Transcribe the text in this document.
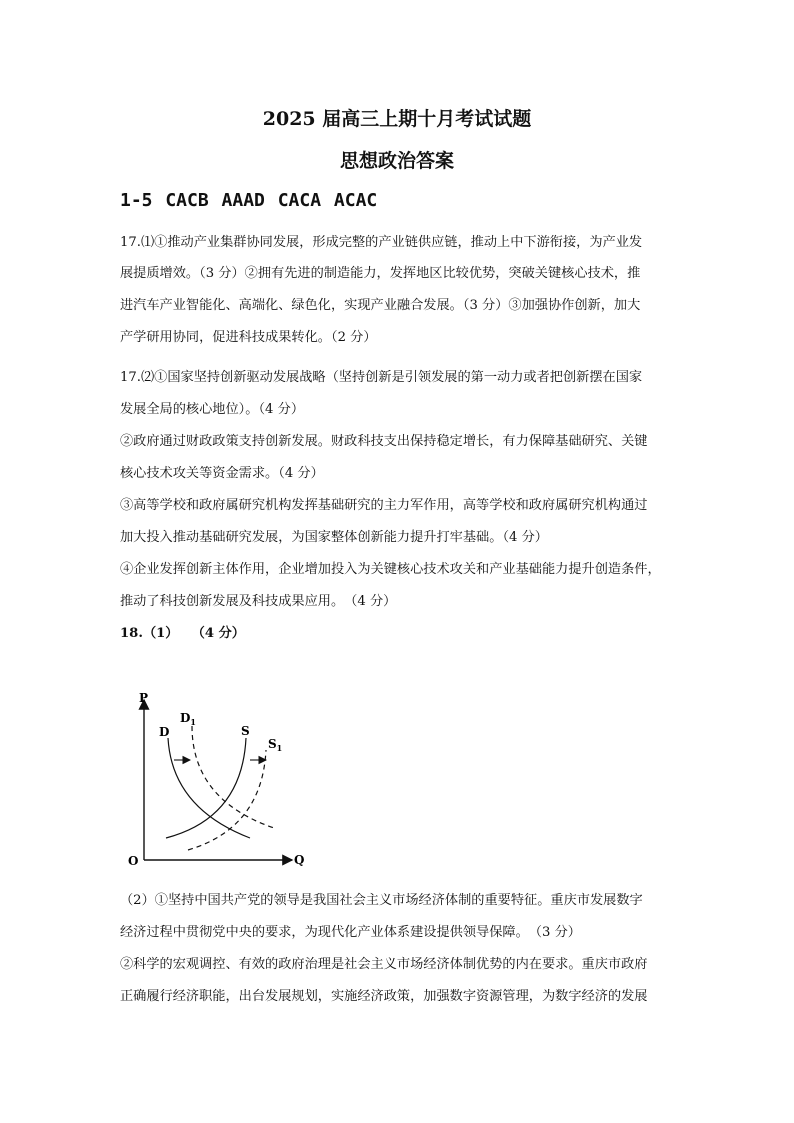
2025 届高三上期十月考试试题
思想政治答案
1-5 CACB AAAD CACA ACAC
17.⑴①推动产业集群协同发展，形成完整的产业链供应链，推动上中下游衔接，为产业发
展提质增效。（3 分）②拥有先进的制造能力，发挥地区比较优势，突破关键核心技术，推
进汽车产业智能化、高端化、绿色化，实现产业融合发展。（3 分）③加强协作创新，加大
产学研用协同，促进科技成果转化。（2 分）
17.⑵①国家坚持创新驱动发展战略（坚持创新是引领发展的第一动力或者把创新摆在国家
发展全局的核心地位）。（4 分）
②政府通过财政政策支持创新发展。财政科技支出保持稳定增长，有力保障基础研究、关键
核心技术攻关等资金需求。（4 分）
③高等学校和政府属研究机构发挥基础研究的主力军作用，高等学校和政府属研究机构通过
加大投入推动基础研究发展，为国家整体创新能力提升打牢基础。（4 分）
④企业发挥创新主体作用，企业增加投入为关键核心技术攻关和产业基础能力提升创造条件，
推动了科技创新发展及科技成果应用。　（4 分）
18.（1）　　（4 分）
P
Q
O
D
$D_1$
S
$S_1$
（2）①坚持中国共产党的领导是我国社会主义市场经济体制的重要特征。重庆市发展数字
经济过程中贯彻党中央的要求，为现代化产业体系建设提供领导保障。　（3 分）
②科学的宏观调控、有效的政府治理是社会主义市场经济体制优势的内在要求。重庆市政府
正确履行经济职能，出台发展规划，实施经济政策，加强数字资源管理，为数字经济的发展
